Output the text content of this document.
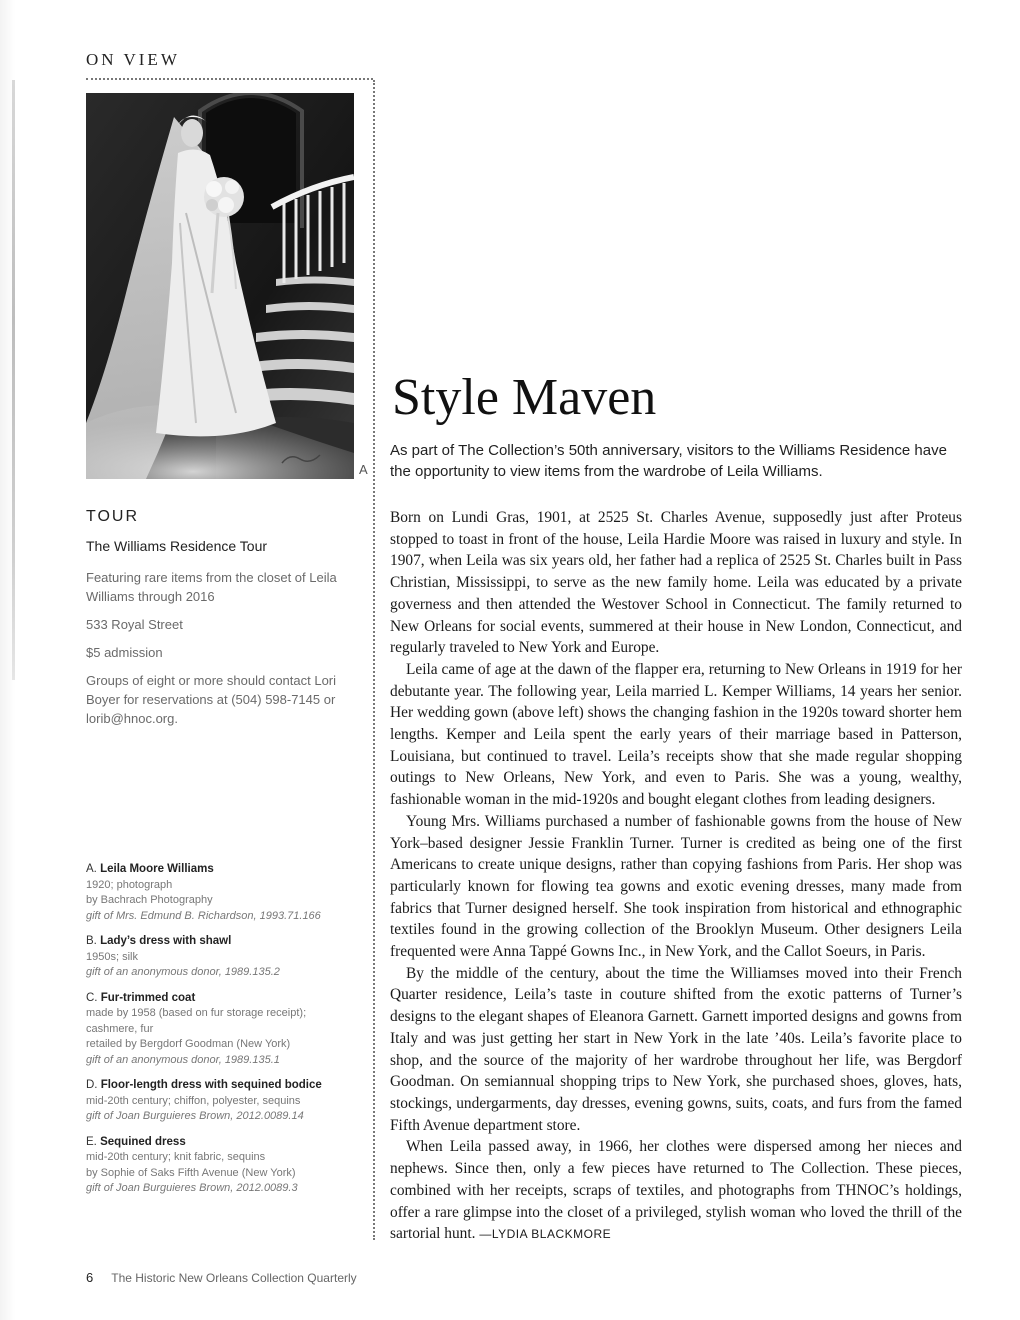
ON VIEW
A
Style Maven

As part of The Collection’s 50th anniversary, visitors to the Williams Residence have the opportunity to view items from the wardrobe of Leila Williams.

Born on Lundi Gras, 1901, at 2525 St. Charles Avenue, supposedly just after Proteus stopped to toast in front of the house, Leila Hardie Moore was raised in luxury and style. In 1907, when Leila was six years old, her father had a replica of 2525 St. Charles built in Pass Christian, Mississippi, to serve as the new family home. Leila was educated by a private governess and then attended the Westover School in Connecticut. The family returned to New Orleans for social events, summered at their house in New London, Connecticut, and regularly traveled to New York and Europe.

Leila came of age at the dawn of the flapper era, returning to New Orleans in 1919 for her debutante year. The following year, Leila married L. Kemper Williams, 14 years her senior. Her wedding gown (above left) shows the changing fashion in the 1920s toward shorter hem lengths. Kemper and Leila spent the early years of their marriage based in Patterson, Louisiana, but continued to travel. Leila’s receipts show that she made regular shopping outings to New Orleans, New York, and even to Paris. She was a young, wealthy, fashionable woman in the mid-1920s and bought elegant clothes from leading designers.

Young Mrs. Williams purchased a number of fashionable gowns from the house of New York–based designer Jessie Franklin Turner. Turner is credited as being one of the first Americans to create unique designs, rather than copying fashions from Paris. Her shop was particularly known for flowing tea gowns and exotic evening dresses, many made from fabrics that Turner designed herself. She took inspiration from historical and ethnographic textiles found in the growing collection of the Brooklyn Museum. Other designers Leila frequented were Anna Tappé Gowns Inc., in New York, and the Callot Soeurs, in Paris.

By the middle of the century, about the time the Williamses moved into their French Quarter residence, Leila’s taste in couture shifted from the exotic patterns of Turner’s designs to the elegant shapes of Eleanora Garnett. Garnett imported designs and gowns from Italy and was just getting her start in New York in the late ’40s. Leila’s favorite place to shop, and the source of the majority of her wardrobe throughout her life, was Bergdorf Goodman. On semiannual shopping trips to New York, she purchased shoes, gloves, hats, stockings, undergarments, day dresses, evening gowns, suits, coats, and furs from the famed Fifth Avenue department store.

When Leila passed away, in 1966, her clothes were dispersed among her nieces and nephews. Since then, only a few pieces have returned to The Collection. These pieces, combined with her receipts, scraps of textiles, and photographs from THNOC’s holdings, offer a rare glimpse into the closet of a privileged, stylish woman who loved the thrill of the sartorial hunt. —LYDIA BLACKMORE

TOUR
The Williams Residence Tour
Featuring rare items from the closet of Leila Williams through 2016
533 Royal Street
$5 admission
Groups of eight or more should contact Lori Boyer for reservations at (504) 598-7145 or lorib@hnoc.org.
A. Leila Moore Williams
1920; photograph
by Bachrach Photography
gift of Mrs. Edmund B. Richardson, 1993.71.166
B. Lady’s dress with shawl
1950s; silk
gift of an anonymous donor, 1989.135.2
C. Fur-trimmed coat
made by 1958 (based on fur storage receipt);
cashmere, fur
retailed by Bergdorf Goodman (New York)
gift of an anonymous donor, 1989.135.1
D. Floor-length dress with sequined bodice
mid-20th century; chiffon, polyester, sequins
gift of Joan Burguieres Brown, 2012.0089.14
E. Sequined dress
mid-20th century; knit fabric, sequins
by Sophie of Saks Fifth Avenue (New York)
gift of Joan Burguieres Brown, 2012.0089.3
6 The Historic New Orleans Collection Quarterly
